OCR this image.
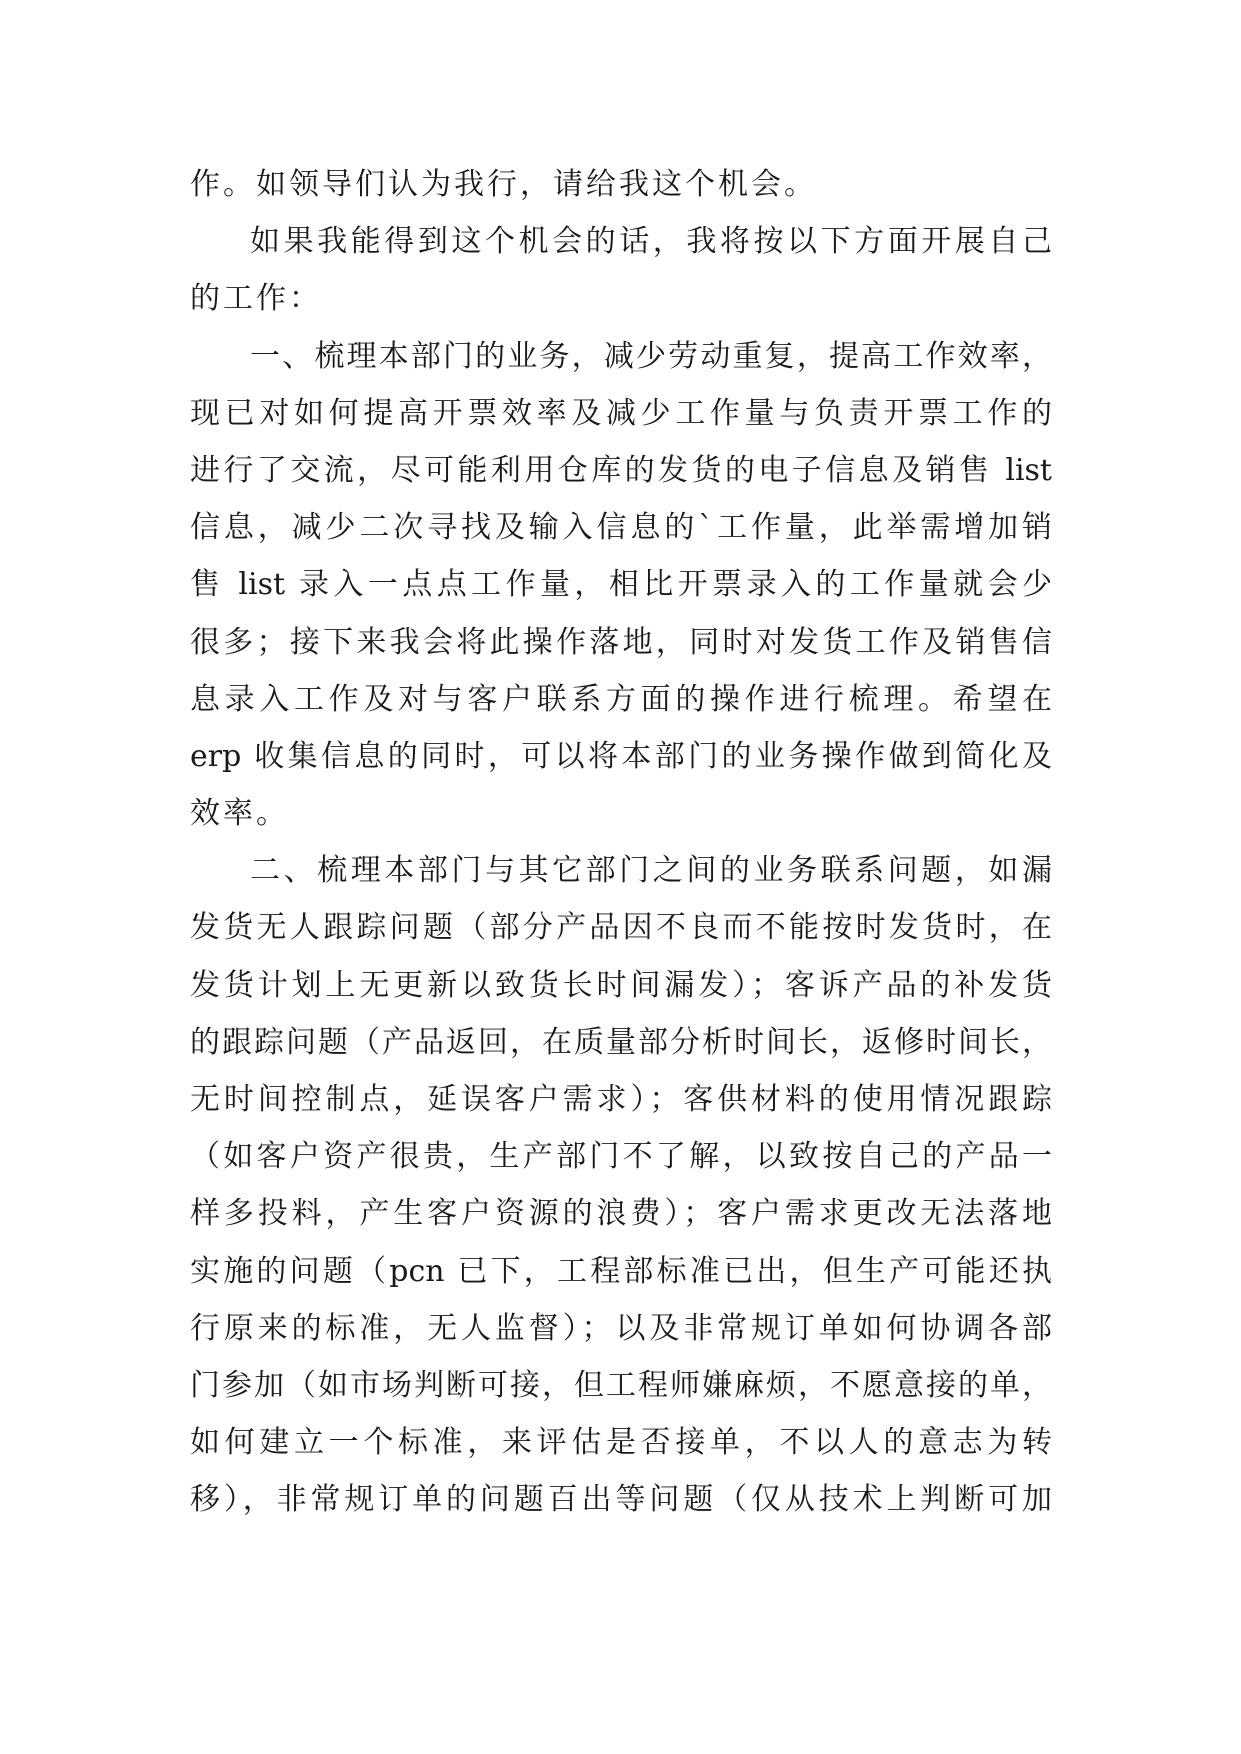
作。如领导们认为我行，请给我这个机会。
如果我能得到这个机会的话，我将按以下方面开展自己
的工作：
一、梳理本部门的业务，减少劳动重复，提高工作效率，
现已对如何提高开票效率及减少工作量与负责开票工作的
进行了交流，尽可能利用仓库的发货的电子信息及销售 list
信息，减少二次寻找及输入信息的`工作量，此举需增加销
售 list 录入一点点工作量，相比开票录入的工作量就会少
很多；接下来我会将此操作落地，同时对发货工作及销售信
息录入工作及对与客户联系方面的操作进行梳理。希望在
erp 收集信息的同时，可以将本部门的业务操作做到简化及
效率。
二、梳理本部门与其它部门之间的业务联系问题，如漏
发货无人跟踪问题（部分产品因不良而不能按时发货时，在
发货计划上无更新以致货长时间漏发）；客诉产品的补发货
的跟踪问题（产品返回，在质量部分析时间长，返修时间长，
无时间控制点，延误客户需求）；客供材料的使用情况跟踪
（如客户资产很贵，生产部门不了解，以致按自己的产品一
样多投料，产生客户资源的浪费）；客户需求更改无法落地
实施的问题（pcn 已下，工程部标准已出，但生产可能还执
行原来的标准，无人监督）；以及非常规订单如何协调各部
门参加（如市场判断可接，但工程师嫌麻烦，不愿意接的单，
如何建立一个标准，来评估是否接单，不以人的意志为转
移），非常规订单的问题百出等问题（仅从技术上判断可加
